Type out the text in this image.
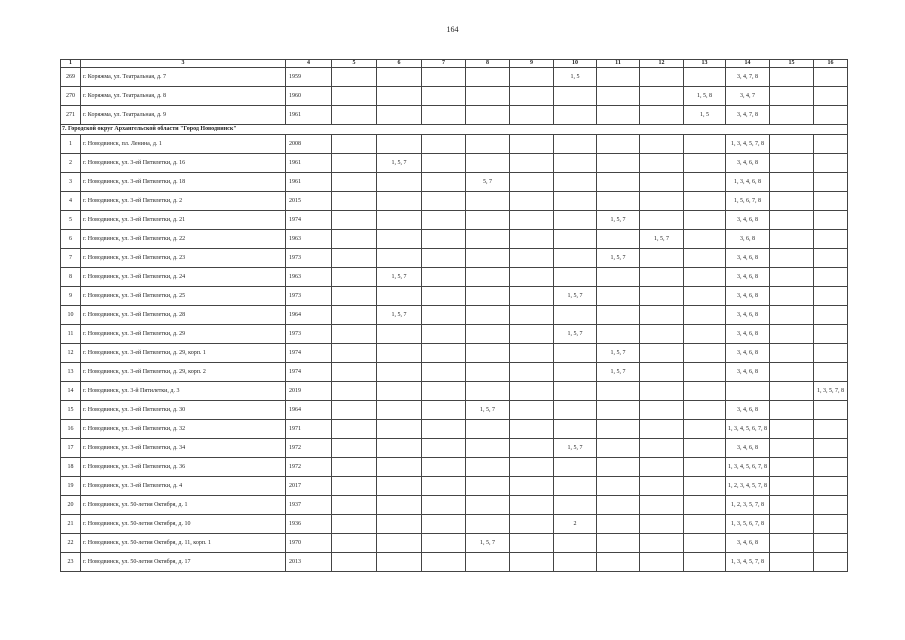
164
1	3	4	5	6	7	8	9	10	11	12	13	14	15	16
269	г. Коряжма, ул. Театральная, д. 7	1959						1, 5				3, 4, 7, 8		
270	г. Коряжма, ул. Театральная, д. 8	1960									1, 5, 8	3, 4, 7		
271	г. Коряжма, ул. Театральная, д. 9	1961									1, 5	3, 4, 7, 8		
7. Городской округ Архангельской области "Город Новодвинск"														
1	г. Новодвинск, пл. Ленина, д. 1	2008										1, 3, 4, 5, 7, 8		
2	г. Новодвинск, ул. 3-ей Пятилетки, д. 16	1961		1, 5, 7								3, 4, 6, 8		
3	г. Новодвинск, ул. 3-ей Пятилетки, д. 18	1961				5, 7						1, 3, 4, 6, 8		
4	г. Новодвинск, ул. 3-ей Пятилетки, д. 2	2015										1, 5, 6, 7, 8		
5	г. Новодвинск, ул. 3-ей Пятилетки, д. 21	1974							1, 5, 7			3, 4, 6, 8		
6	г. Новодвинск, ул. 3-ей Пятилетки, д. 22	1963								1, 5, 7		3, 6, 8		
7	г. Новодвинск, ул. 3-ей Пятилетки, д. 23	1973							1, 5, 7			3, 4, 6, 8		
8	г. Новодвинск, ул. 3-ей Пятилетки, д. 24	1963		1, 5, 7								3, 4, 6, 8		
9	г. Новодвинск, ул. 3-ей Пятилетки, д. 25	1973						1, 5, 7				3, 4, 6, 8		
10	г. Новодвинск, ул. 3-ей Пятилетки, д. 28	1964		1, 5, 7								3, 4, 6, 8		
11	г. Новодвинск, ул. 3-ей Пятилетки, д. 29	1973						1, 5, 7				3, 4, 6, 8		
12	г. Новодвинск, ул. 3-ей Пятилетки, д. 29, корп. 1	1974							1, 5, 7			3, 4, 6, 8		
13	г. Новодвинск, ул. 3-ей Пятилетки, д. 29, корп. 2	1974							1, 5, 7			3, 4, 6, 8		
14	г. Новодвинск, ул. 3-й Пятилетки, д. 3	2019												1, 3, 5, 7, 8
15	г. Новодвинск, ул. 3-ей Пятилетки, д. 30	1964				1, 5, 7						3, 4, 6, 8		
16	г. Новодвинск, ул. 3-ей Пятилетки, д. 32	1971										1, 3, 4, 5, 6, 7, 8		
17	г. Новодвинск, ул. 3-ей Пятилетки, д. 34	1972						1, 5, 7				3, 4, 6, 8		
18	г. Новодвинск, ул. 3-ей Пятилетки, д. 36	1972										1, 3, 4, 5, 6, 7, 8		
19	г. Новодвинск, ул. 3-ей Пятилетки, д. 4	2017										1, 2, 3, 4, 5, 7, 8		
20	г. Новодвинск, ул. 50-летия Октября, д. 1	1937										1, 2, 3, 5, 7, 8		
21	г. Новодвинск, ул. 50-летия Октября, д. 10	1936						2				1, 3, 5, 6, 7, 8		
22	г. Новодвинск, ул. 50-летия Октября, д. 11, корп. 1	1970				1, 5, 7						3, 4, 6, 8		
23	г. Новодвинск, ул. 50-летия Октября, д. 17	2013										1, 3, 4, 5, 7, 8		
